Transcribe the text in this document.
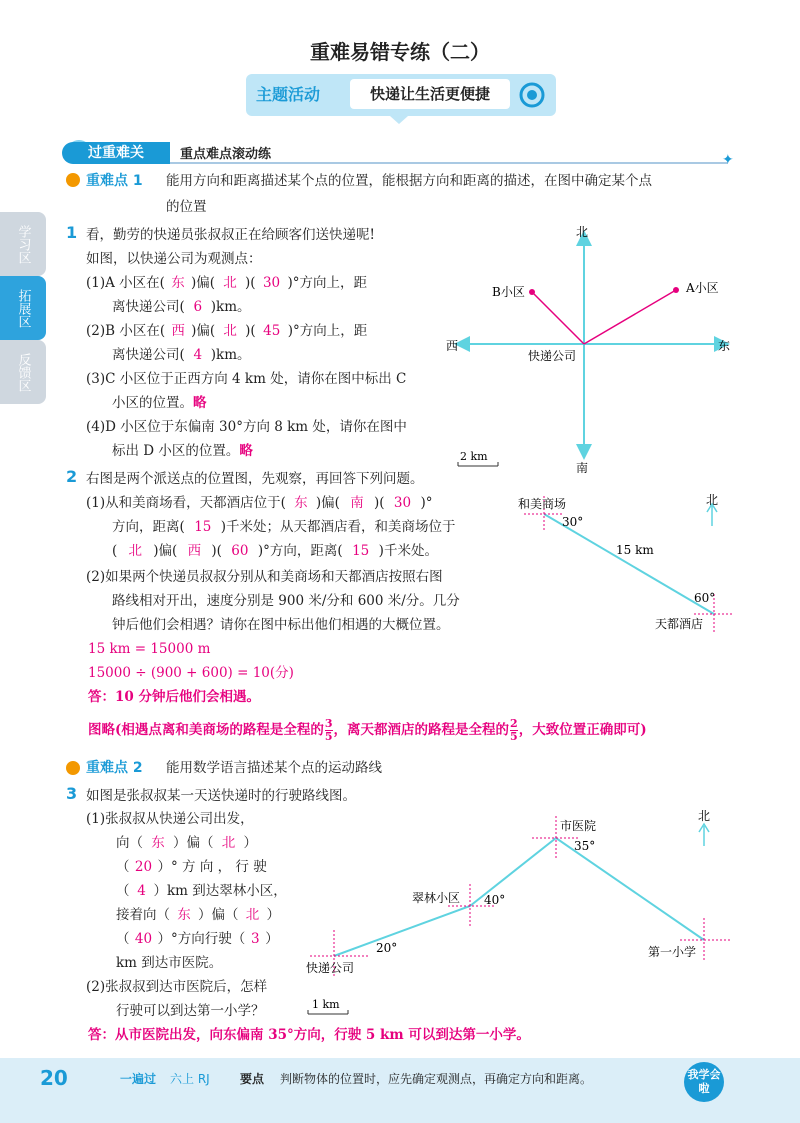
重难易错专练（二）
主题活动	快递让生活更便捷
过重难关	重点难点滚动练	✦
学习区
拓展区
反馈区
重难点 1 能用方向和距离描述某个点的位置，能根据方向和距离的描述，在图中确定某个点
的位置
1 看，勤劳的快递员张叔叔正在给顾客们送快递呢!
如图，以快递公司为观测点：
(1)A 小区在( 东 )偏( 北 )( 30 )°方向上，距
离快递公司( 6 )km。
(2)B 小区在( 西 )偏( 北 )( 45 )°方向上，距
离快递公司( 4 )km。
(3)C 小区位于正西方向 4 km 处，请你在图中标出 C
小区的位置。略
(4)D 小区位于东偏南 30°方向 8 km 处，请你在图中
标出 D 小区的位置。略
北
南
东
西
A小区
B小区
快递公司
2 km
2 右图是两个派送点的位置图，先观察，再回答下列问题。
(1)从和美商场看，天都酒店位于( 东 )偏( 南 )( 30 )°
方向，距离( 15 )千米处；从天都酒店看，和美商场位于
( 北 )偏( 西 )( 60 )°方向，距离( 15 )千米处。
(2)如果两个快递员叔叔分别从和美商场和天都酒店按照右图
路线相对开出，速度分别是 900 米/分和 600 米/分。几分
钟后他们会相遇？请你在图中标出他们相遇的大概位置。
15 km = 15000 m
15000 ÷ (900 + 600) = 10(分)
答：10 分钟后他们会相遇。
图略(相遇点离和美商场的路程是全程的 $\frac{3}{5}$ ，离天都酒店的路程是全程的 $\frac{2}{5}$ ，大致位置正确即可)
和美商场
天都酒店
北
30°
60°
15 km
重难点 2 能用数学语言描述某个点的运动路线
3 如图是张叔叔某一天送快递时的行驶路线图。
(1)张叔叔从快递公司出发，
向（ 东 ）偏（ 北 ）
（ 20 ）° 方 向 ， 行 驶
（ 4 ）km 到达翠林小区，
接着向（ 东 ）偏（ 北 ）
（ 40 ）°方向行驶（ 3 ）
km 到达市医院。
(2)张叔叔到达市医院后，怎样
行驶可以到达第一小学？
答：从市医院出发，向东偏南 35°方向，行驶 5 km 可以到达第一小学。
北
快递公司
翠林小区
市医院
第一小学
20°
40°
35°
1 km
20	一遍过 六上 RJ	要点 判断物体的位置时，应先确定观测点，再确定方向和距离。	我学会啦
